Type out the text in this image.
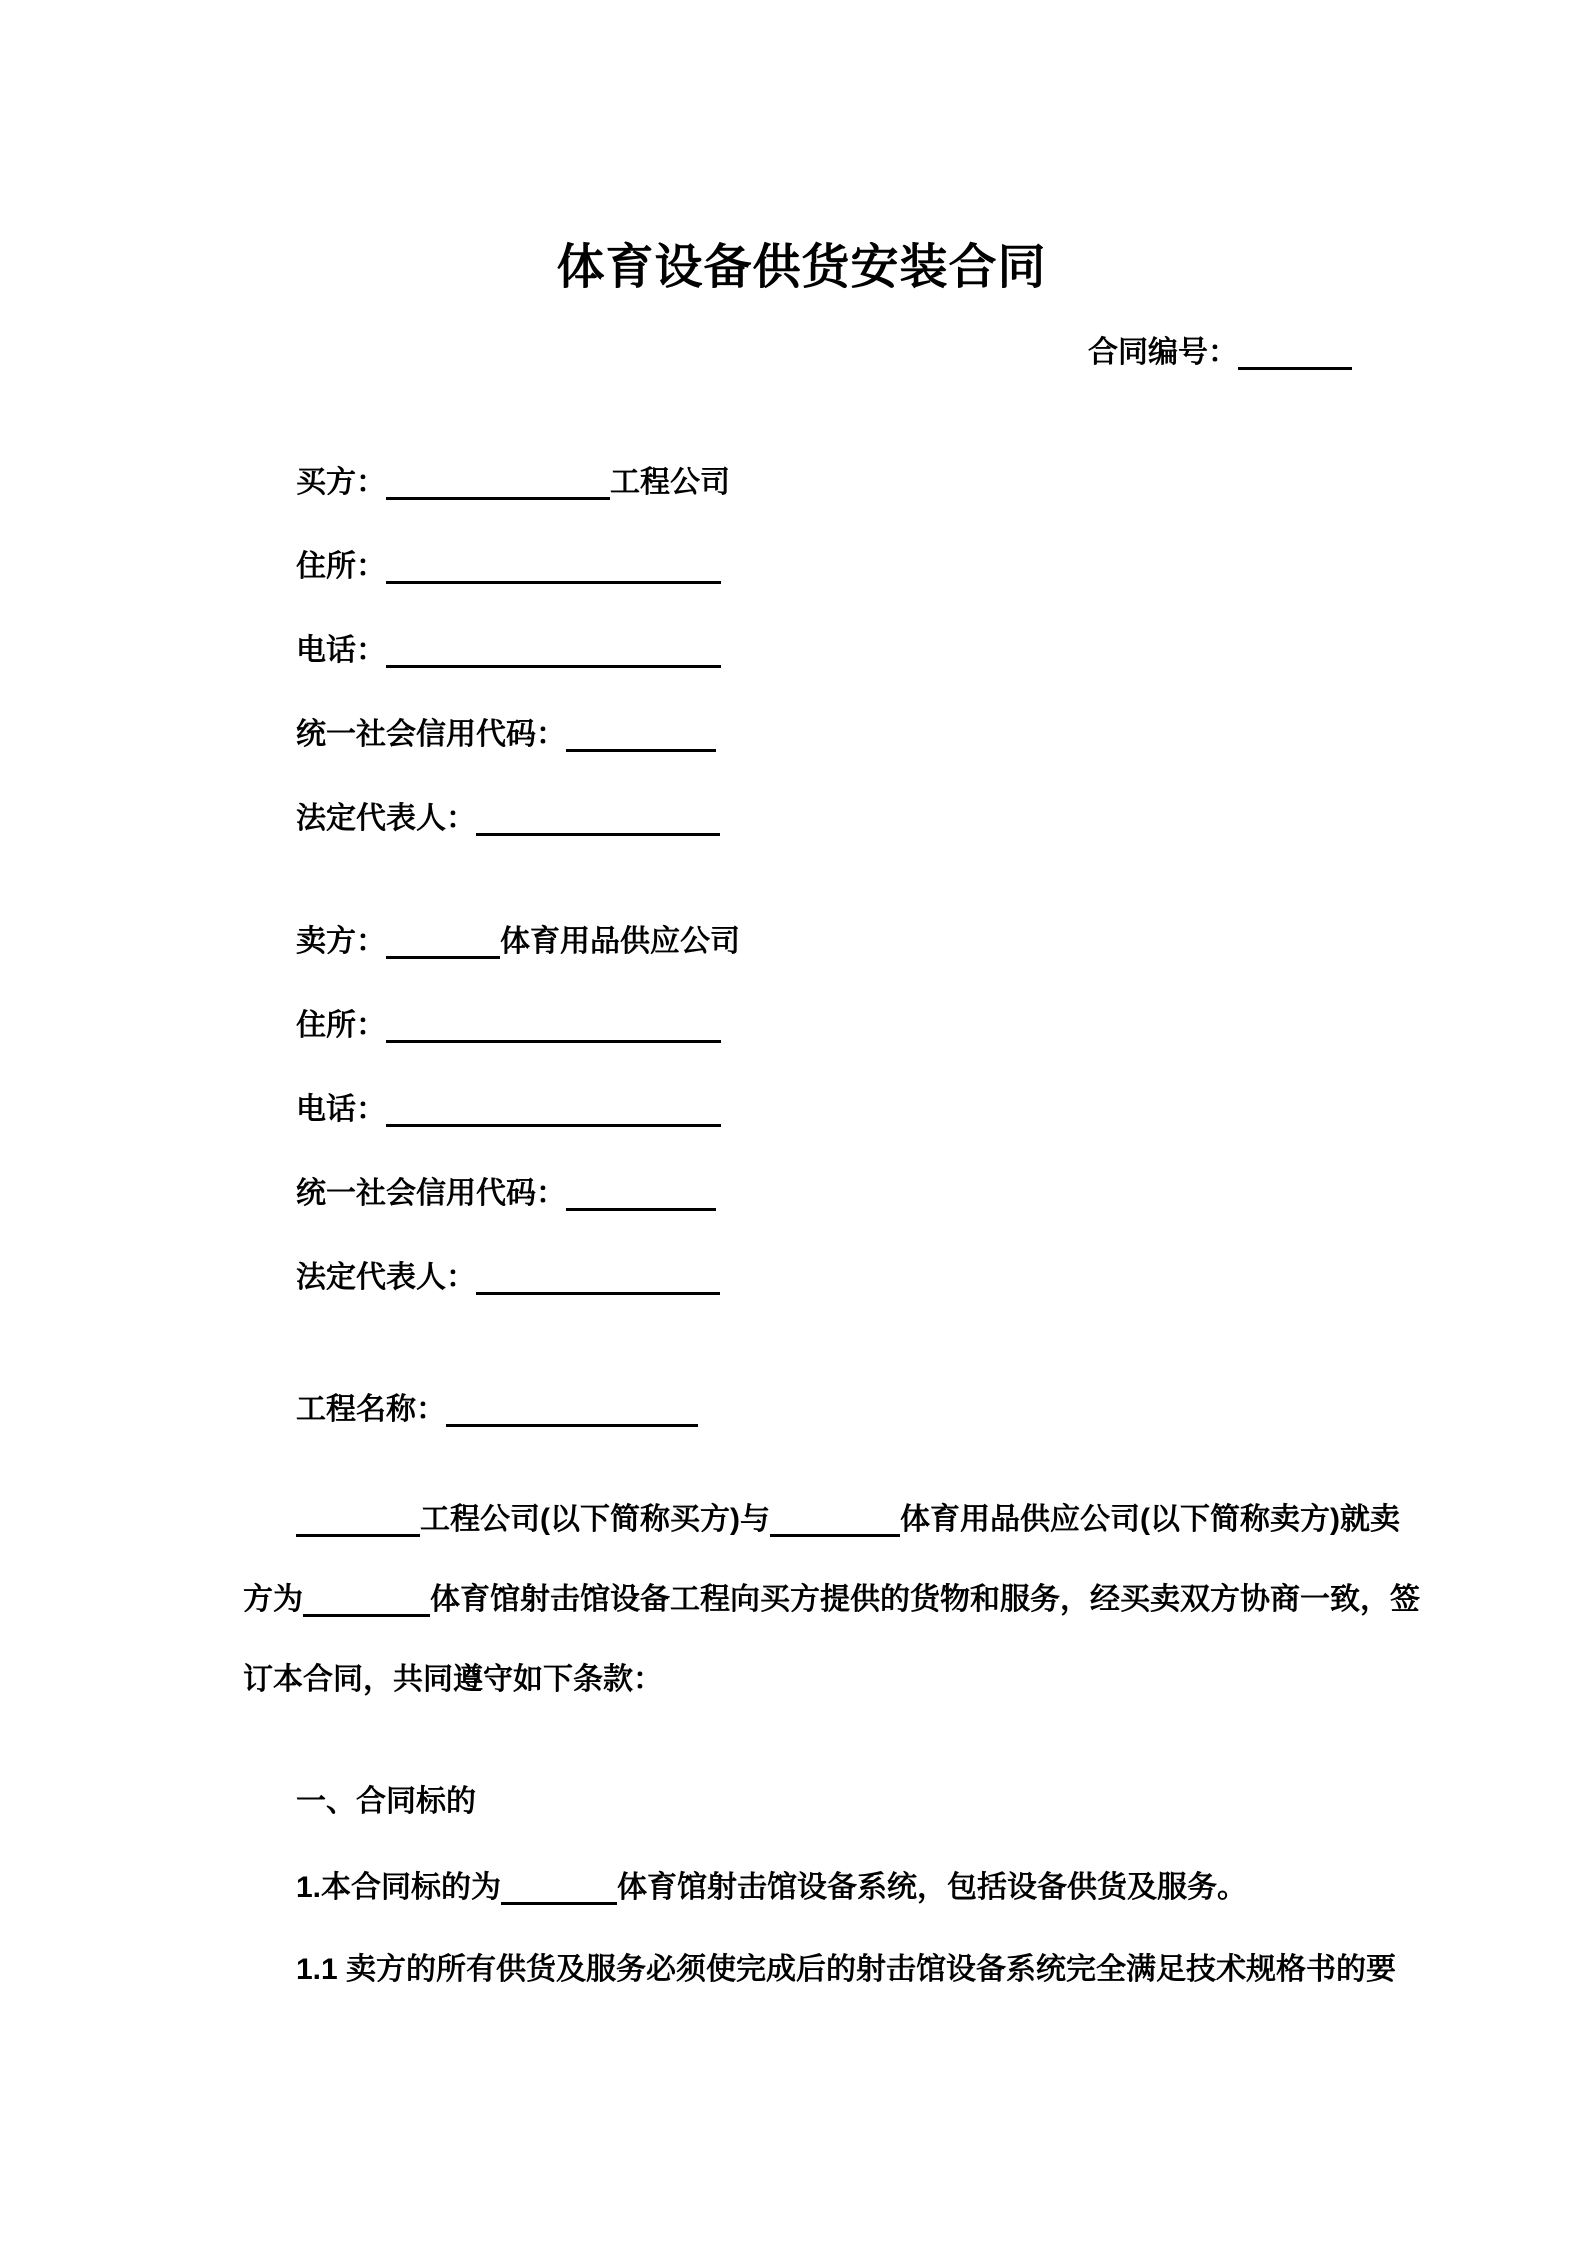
体育设备供货安装合同
合同编号：
买方：	工程公司
住所：
电话：
统一社会信用代码：
法定代表人：
卖方：	体育用品供应公司
住所：
电话：
统一社会信用代码：
法定代表人：
工程名称：
工程公司(以下简称买方)与	体育用品供应公司(以下简称卖方)就卖
方为	体育馆射击馆设备工程向买方提供的货物和服务，经买卖双方协商一致，签
订本合同，共同遵守如下条款：
一、合同标的
1.本合同标的为	体育馆射击馆设备系统，包括设备供货及服务。
1.1 卖方的所有供货及服务必须使完成后的射击馆设备系统完全满足技术规格书的要
